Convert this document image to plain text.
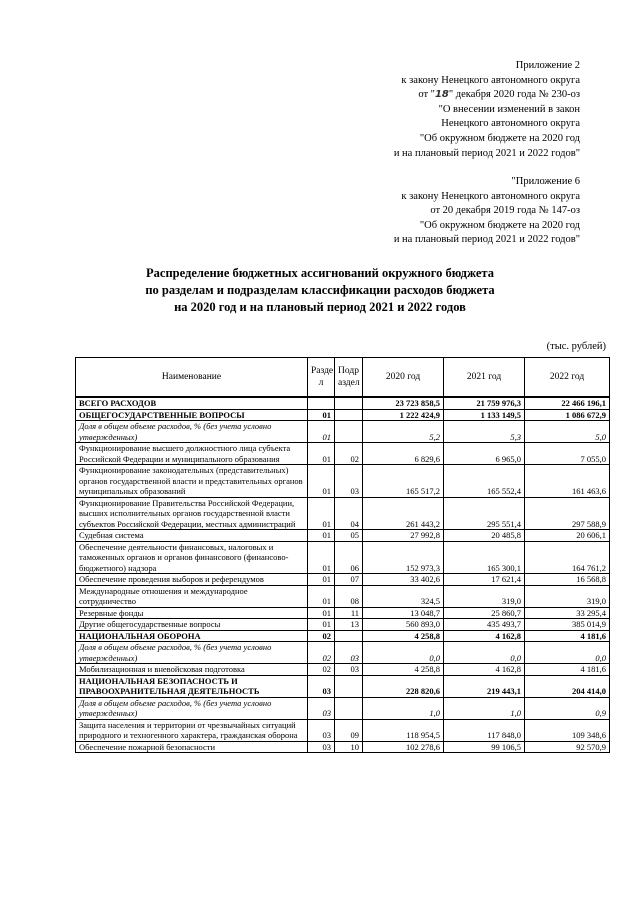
Приложение 2
к закону Ненецкого автономного округа
от "18" декабря 2020 года № 230-оз
"О внесении изменений в закон
Ненецкого автономного округа
"Об окружном бюджете на 2020 год
и на плановый период 2021 и 2022 годов"
"Приложение 6
к закону Ненецкого автономного округа
от 20 декабря 2019 года № 147-оз
"Об окружном бюджете на 2020 год
и на плановый период 2021 и 2022 годов"
Распределение бюджетных ассигнований окружного бюджета
по разделам и подразделам классификации расходов бюджета
на 2020 год и на плановый период 2021 и 2022 годов
(тыс. рублей)
Наименование	Разде л	Подр аздел	2020 год	2021 год	2022 год
ВСЕГО РАСХОДОВ			23 723 858,5	21 759 976,3	22 466 196,1
ОБЩЕГОСУДАРСТВЕННЫЕ ВОПРОСЫ	01		1 222 424,9	1 133 149,5	1 086 672,9
Доля в общем объеме расходов, % (без учета условно утвержденных)	01		5,2	5,3	5,0
Функционирование высшего должностного лица субъекта Российской Федерации и муниципального образования	01	02	6 829,6	6 965,0	7 055,0
Функционирование законодательных (представительных) органов государственной власти и представительных органов муниципальных образований	01	03	165 517,2	165 552,4	161 463,6
Функционирование Правительства Российской Федерации, высших исполнительных органов государственной власти субъектов Российской Федерации, местных администраций	01	04	261 443,2	295 551,4	297 588,9
Судебная система	01	05	27 992,8	20 485,8	20 606,1
Обеспечение деятельности финансовых, налоговых и таможенных органов и органов финансового (финансово-бюджетного) надзора	01	06	152 973,3	165 300,1	164 761,2
Обеспечение проведения выборов и референдумов	01	07	33 402,6	17 621,4	16 568,8
Международные отношения и международное сотрудничество	01	08	324,5	319,0	319,0
Резервные фонды	01	11	13 048,7	25 860,7	33 295,4
Другие общегосударственные вопросы	01	13	560 893,0	435 493,7	385 014,9
НАЦИОНАЛЬНАЯ ОБОРОНА	02		4 258,8	4 162,8	4 181,6
Доля в общем объеме расходов, % (без учета условно утвержденных)	02	03	0,0	0,0	0,0
Мобилизационная и вневойсковая подготовка	02	03	4 258,8	4 162,8	4 181,6
НАЦИОНАЛЬНАЯ БЕЗОПАСНОСТЬ И ПРАВООХРАНИТЕЛЬНАЯ ДЕЯТЕЛЬНОСТЬ	03		228 820,6	219 443,1	204 414,0
Доля в общем объеме расходов, % (без учета условно утвержденных)	03		1,0	1,0	0,9
Защита населения и территории от чрезвычайных ситуаций природного и техногенного характера, гражданская оборона	03	09	118 954,5	117 848,0	109 348,6
Обеспечение пожарной безопасности	03	10	102 278,6	99 106,5	92 570,9
